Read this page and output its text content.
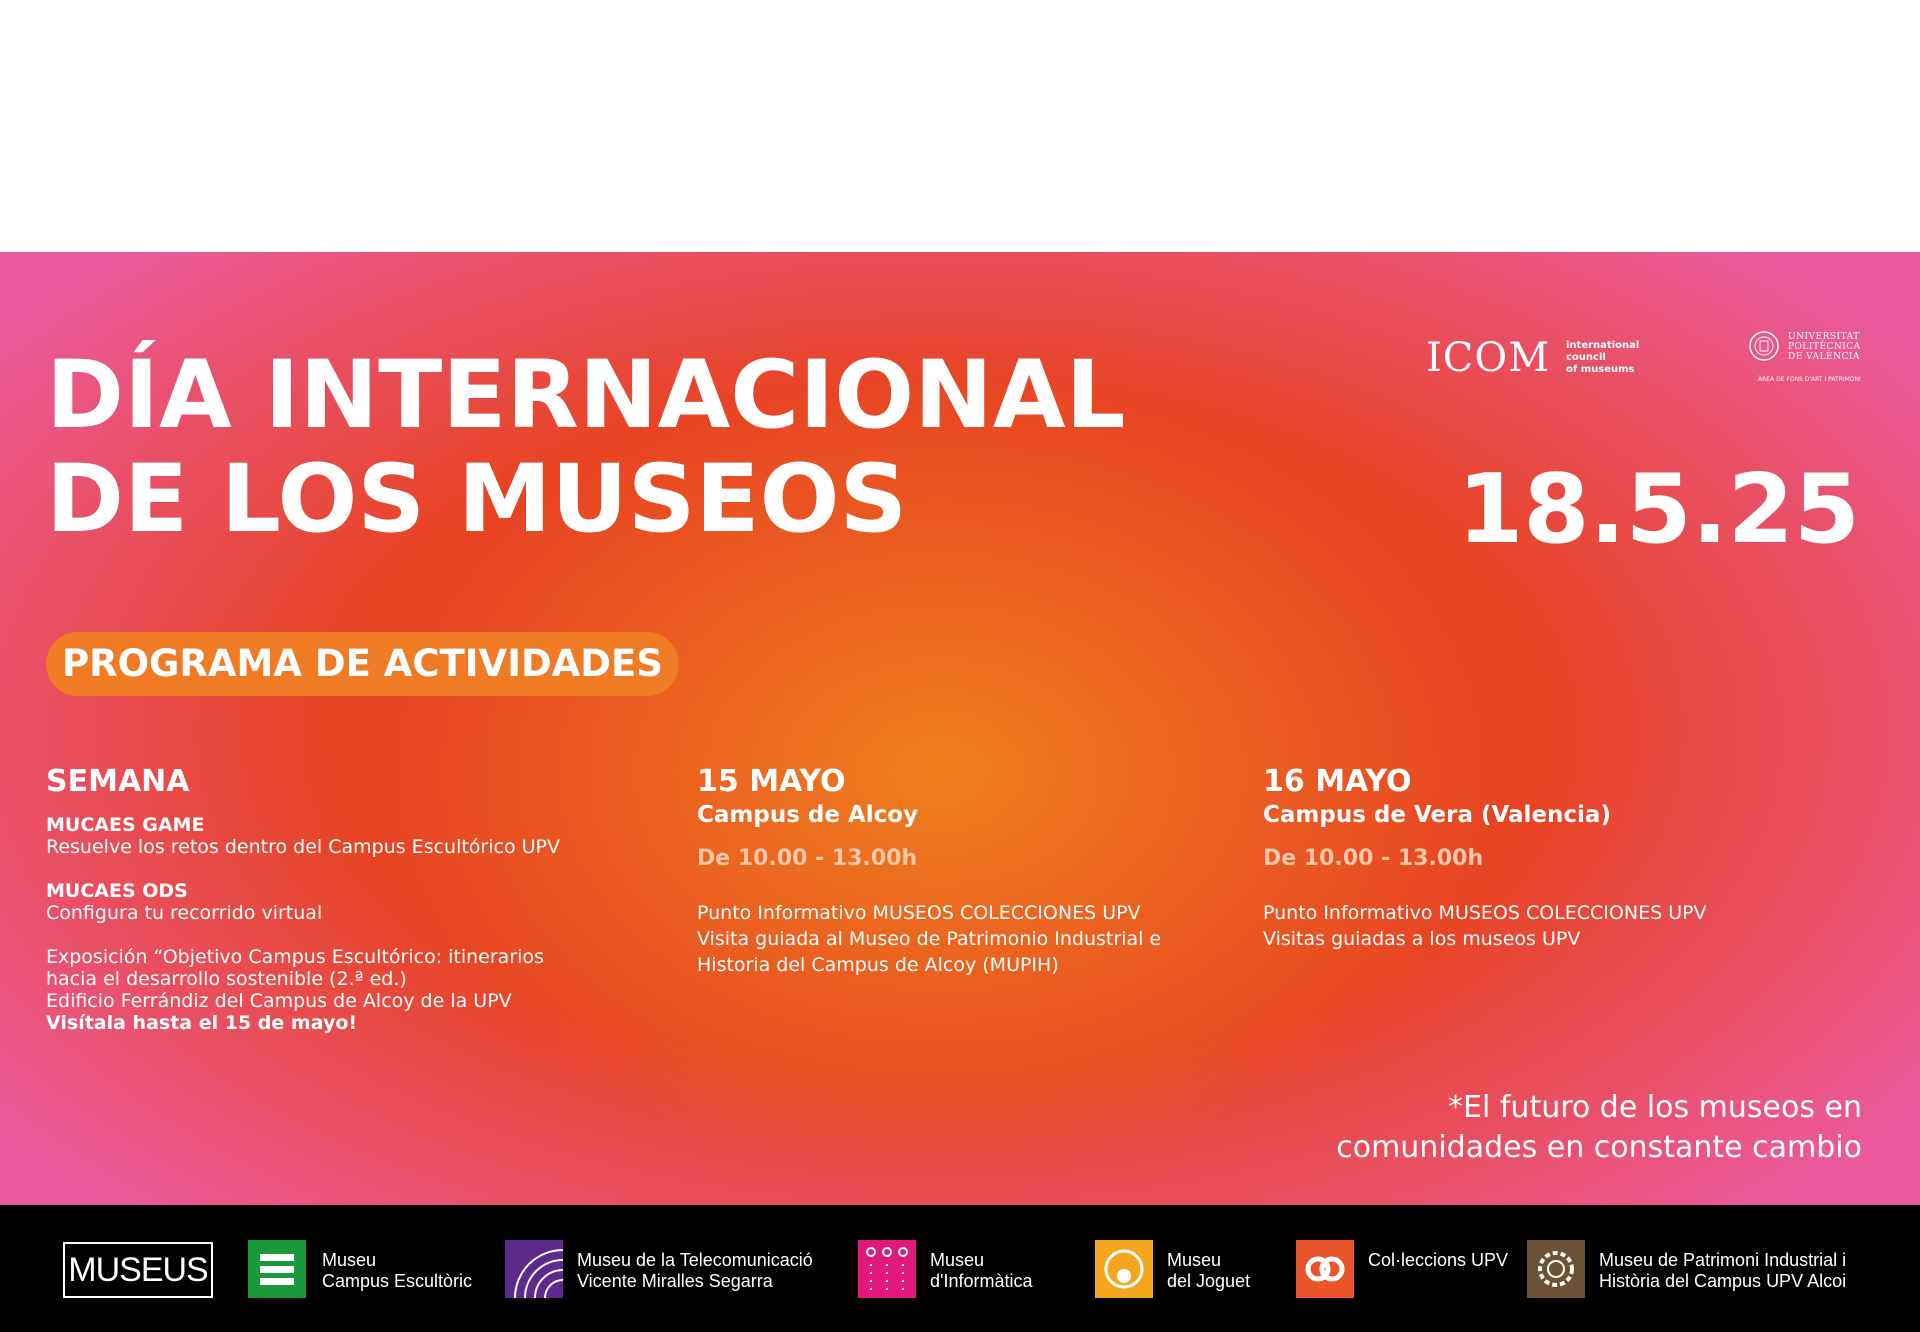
DÍA INTERNACIONAL
DE LOS MUSEOS	18.5.25
ICOM international
council
of museums
UNIVERSITAT
POLITÈCNICA
DE VALÈNCIA
ÀREA DE FONS D'ART I PATRIMONI
PROGRAMA DE ACTIVIDADES
SEMANA
MUCAES GAME
Resuelve los retos dentro del Campus Escultórico UPV
MUCAES ODS
Configura tu recorrido virtual
Exposición “Objetivo Campus Escultórico: itinerarios
hacia el desarrollo sostenible (2.ª ed.)
Edificio Ferrándiz del Campus de Alcoy de la UPV
Visítala hasta el 15 de mayo!
15 MAYO
Campus de Alcoy
De 10.00 - 13.00h
Punto Informativo MUSEOS COLECCIONES UPV
Visita guiada al Museo de Patrimonio Industrial e
Historia del Campus de Alcoy (MUPIH)
16 MAYO
Campus de Vera (Valencia)
De 10.00 - 13.00h
Punto Informativo MUSEOS COLECCIONES UPV
Visitas guiadas a los museos UPV
*El futuro de los museos en
comunidades en constante cambio
MUSEUS	Museu
Campus Escultòric
Museu de la Telecomunicació
Vicente Miralles Segarra
Museu
d'Informàtica
Museu
del Joguet
Col·leccions UPV	Museu de Patrimoni Industrial i
Història del Campus UPV Alcoi
